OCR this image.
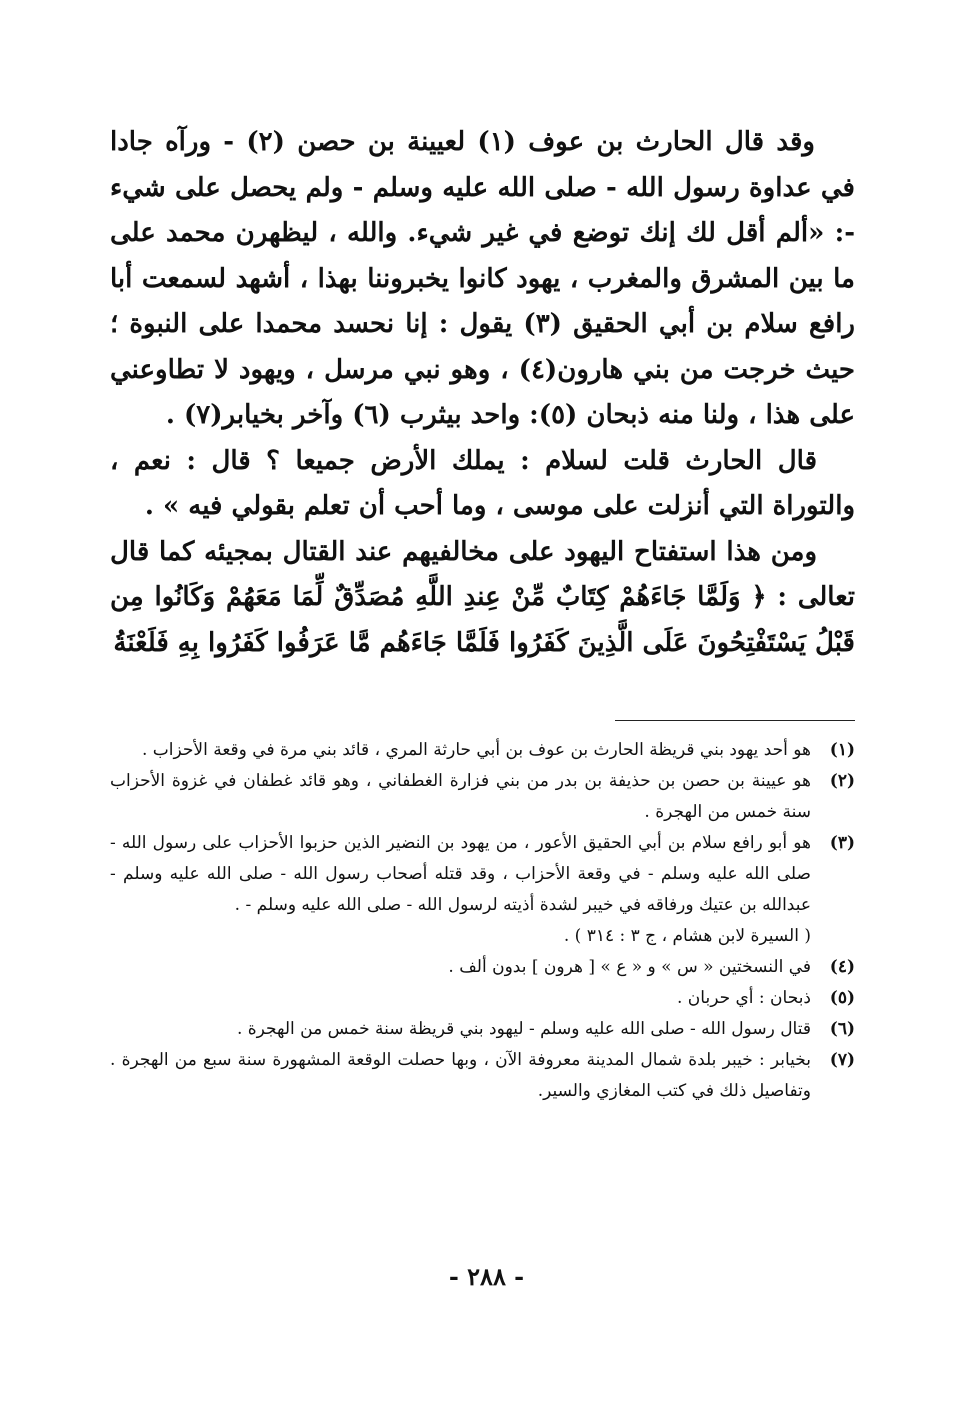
وقد قال الحارث بن عوف (١) لعيينة بن حصن (٢) - ورآه جادا في عداوة رسول الله - صلى الله عليه وسلم - ولم يحصل على شيء -: «ألم أقل لك إنك توضع في غير شيء. والله ، ليظهرن محمد على ما بين المشرق والمغرب ، يهود كانوا يخبروننا بهذا ، أشهد لسمعت أبا رافع سلام بن أبي الحقيق (٣) يقول : إنا نحسد محمدا على النبوة ؛ حيث خرجت من بني هارون(٤) ، وهو نبي مرسل ، ويهود لا تطاوعني على هذا ، ولنا منه ذبحان (٥): واحد بيثرب (٦) وآخر بخيابر(٧) .

قال الحارث قلت لسلام : يملك الأرض جميعا ؟ قال : نعم ، والتوراة التي أنزلت على موسى ، وما أحب أن تعلم بقولي فيه » .

ومن هذا استفتاح اليهود على مخالفيهم عند القتال بمجيئه كما قال تعالى : ﴿ وَلَمَّا جَاءَهُمْ كِتَابٌ مِّنْ عِندِ اللَّهِ مُصَدِّقٌ لِّمَا مَعَهُمْ وَكَانُوا مِن قَبْلُ يَسْتَفْتِحُونَ عَلَى الَّذِينَ كَفَرُوا فَلَمَّا جَاءَهُم مَّا عَرَفُوا كَفَرُوا بِهِ فَلَعْنَةُ

(١)
هو أحد يهود بني قريظة الحارث بن عوف بن أبي حارثة المري ، قائد بني مرة في وقعة الأحزاب .
(٢)
هو عيينة بن حصن بن حذيفة بن بدر من بني فزارة الغطفاني ، وهو قائد غطفان في غزوة الأحزاب سنة خمس من الهجرة .
(٣)
هو أبو رافع سلام بن أبي الحقيق الأعور ، من يهود بن النضير الذين حزبوا الأحزاب على رسول الله - صلى الله عليه وسلم - في وقعة الأحزاب ، وقد قتله أصحاب رسول الله - صلى الله عليه وسلم - عبدالله بن عتيك ورفاقه في خيبر لشدة أذيته لرسول الله - صلى الله عليه وسلم - .
( السيرة لابن هشام ، ج ٣ : ٣١٤ ) .
(٤)
في النسختين « س » و « ع » [ هرون ] بدون ألف .
(٥)
ذبحان : أي حربان .
(٦)
قتال رسول الله - صلى الله عليه وسلم - ليهود بني قريظة سنة خمس من الهجرة .
(٧)
بخيابر : خيبر بلدة شمال المدينة معروفة الآن ، وبها حصلت الوقعة المشهورة سنة سبع من الهجرة . وتفاصيل ذلك في كتب المغازي والسير.
- ٢٨٨ -
